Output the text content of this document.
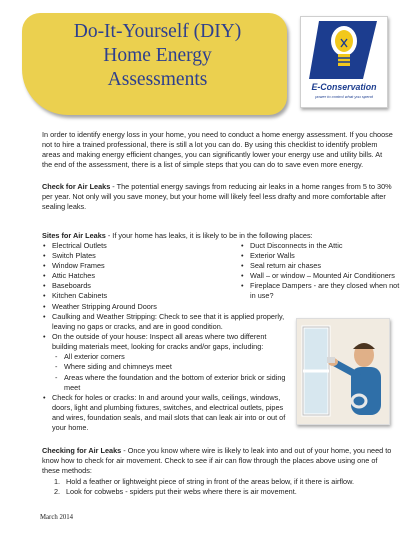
Do-It-Yourself (DIY)
Home Energy
Assessments	E-Conservation
power to control what you spend

In order to identify energy loss in your home, you need to conduct a home energy assessment. If you choose not to hire a trained professional, there is still a lot you can do. By using this checklist to identify problem areas and making energy efficient changes, you can significantly lower your energy use and utility bills. At the end of the assessment, there is a list of simple steps that you can do to save even more energy.

Check for Air Leaks - The potential energy savings from reducing air leaks in a home ranges from 5 to 30% per year. Not only will you save money, but your home will likely feel less drafty and more comfortable after sealing leaks.

Sites for Air Leaks - If your home has leaks, it is likely to be in the following places:

• Electrical Outlets
• Switch Plates
• Window Frames
• Attic Hatches
• Baseboards
• Kitchen Cabinets
• Weather Stripping Around Doors
• Duct Disconnects in the Attic
• Exterior Walls
• Seal return air chases
• Wall – or window – Mounted Air Conditioners
• Fireplace Dampers - are they closed when not in use?
• Caulking and Weather Stripping: Check to see that it is applied properly, leaving no gaps or cracks, and are in good condition.
• On the outside of your house: Inspect all areas where two different building materials meet, looking for cracks and/or gaps, including:
- All exterior corners
- Where siding and chimneys meet
- Areas where the foundation and the bottom of exterior brick or siding meet
• Check for holes or cracks: In and around your walls, ceilings, windows, doors, light and plumbing fixtures, switches, and electrical outlets, pipes and wires, foundation seals, and mail slots that can leak air into or out of your home.

Checking for Air Leaks - Once you know where wire is likely to leak into and out of your home, you need to know how to check for air movement. Check to see if air can flow through the places above using one of these methods:

1. Hold a feather or lightweight piece of string in front of the areas below, if it there is airflow.
2. Look for cobwebs - spiders put their webs where there is air movement.
March 2014
